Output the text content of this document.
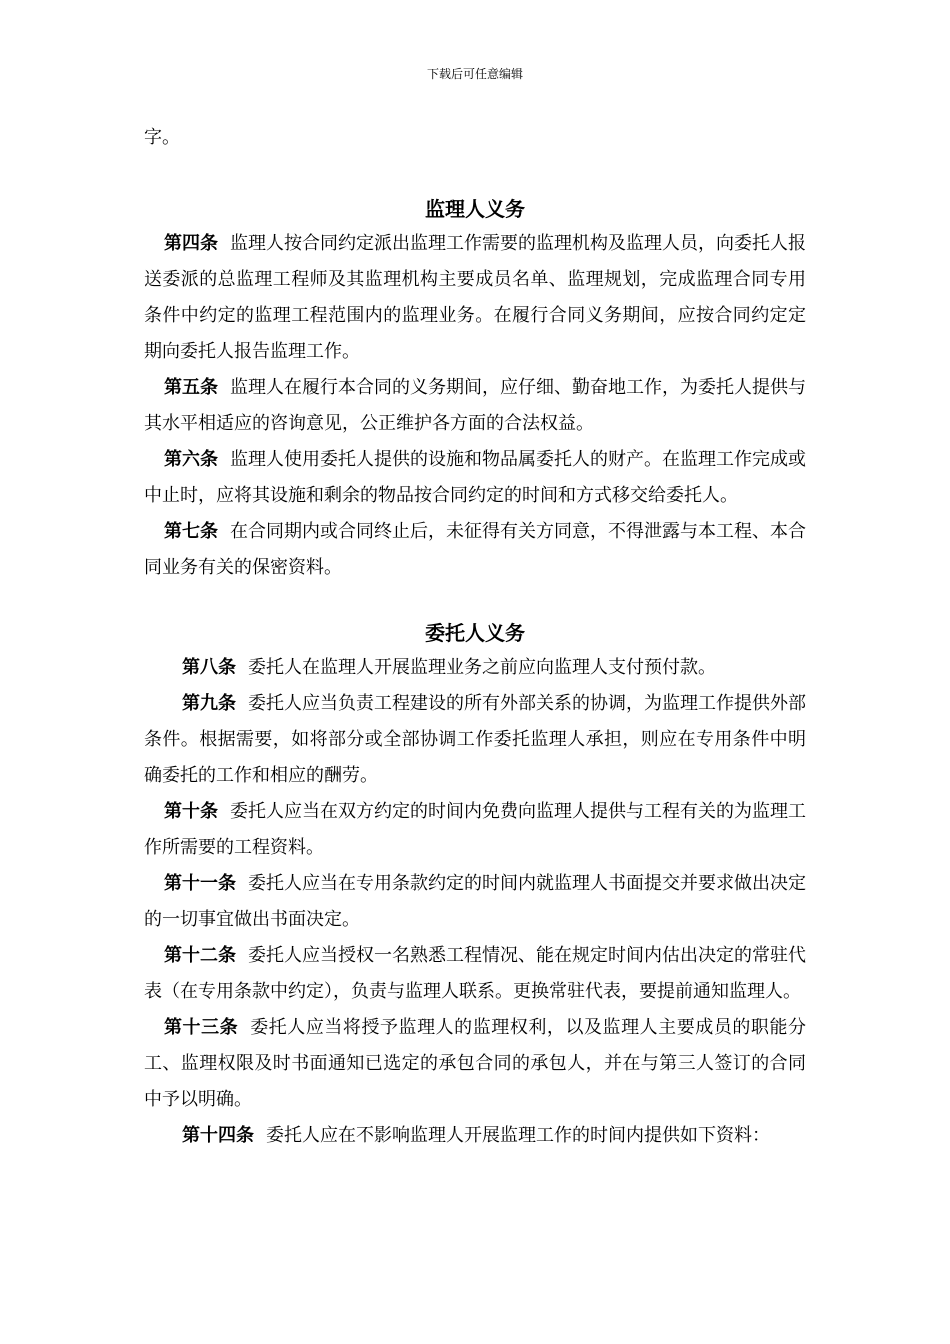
下载后可任意编辑

字。

监理人义务

第四条 监理人按合同约定派出监理工作需要的监理机构及监理人员，向委托人报送委派的总监理工程师及其监理机构主要成员名单、监理规划，完成监理合同专用条件中约定的监理工程范围内的监理业务。在履行合同义务期间，应按合同约定定期向委托人报告监理工作。

第五条 监理人在履行本合同的义务期间，应仔细、勤奋地工作，为委托人提供与其水平相适应的咨询意见，公正维护各方面的合法权益。

第六条 监理人使用委托人提供的设施和物品属委托人的财产。在监理工作完成或中止时，应将其设施和剩余的物品按合同约定的时间和方式移交给委托人。

第七条 在合同期内或合同终止后，未征得有关方同意，不得泄露与本工程、本合同业务有关的保密资料。

委托人义务

第八条 委托人在监理人开展监理业务之前应向监理人支付预付款。

第九条 委托人应当负责工程建设的所有外部关系的协调，为监理工作提供外部条件。根据需要，如将部分或全部协调工作委托监理人承担，则应在专用条件中明确委托的工作和相应的酬劳。

第十条 委托人应当在双方约定的时间内免费向监理人提供与工程有关的为监理工作所需要的工程资料。

第十一条 委托人应当在专用条款约定的时间内就监理人书面提交并要求做出决定的一切事宜做出书面决定。

第十二条 委托人应当授权一名熟悉工程情况、能在规定时间内估出决定的常驻代表（在专用条款中约定），负责与监理人联系。更换常驻代表，要提前通知监理人。

第十三条 委托人应当将授予监理人的监理权利，以及监理人主要成员的职能分工、监理权限及时书面通知已选定的承包合同的承包人，并在与第三人签订的合同中予以明确。

第十四条 委托人应在不影响监理人开展监理工作的时间内提供如下资料：
